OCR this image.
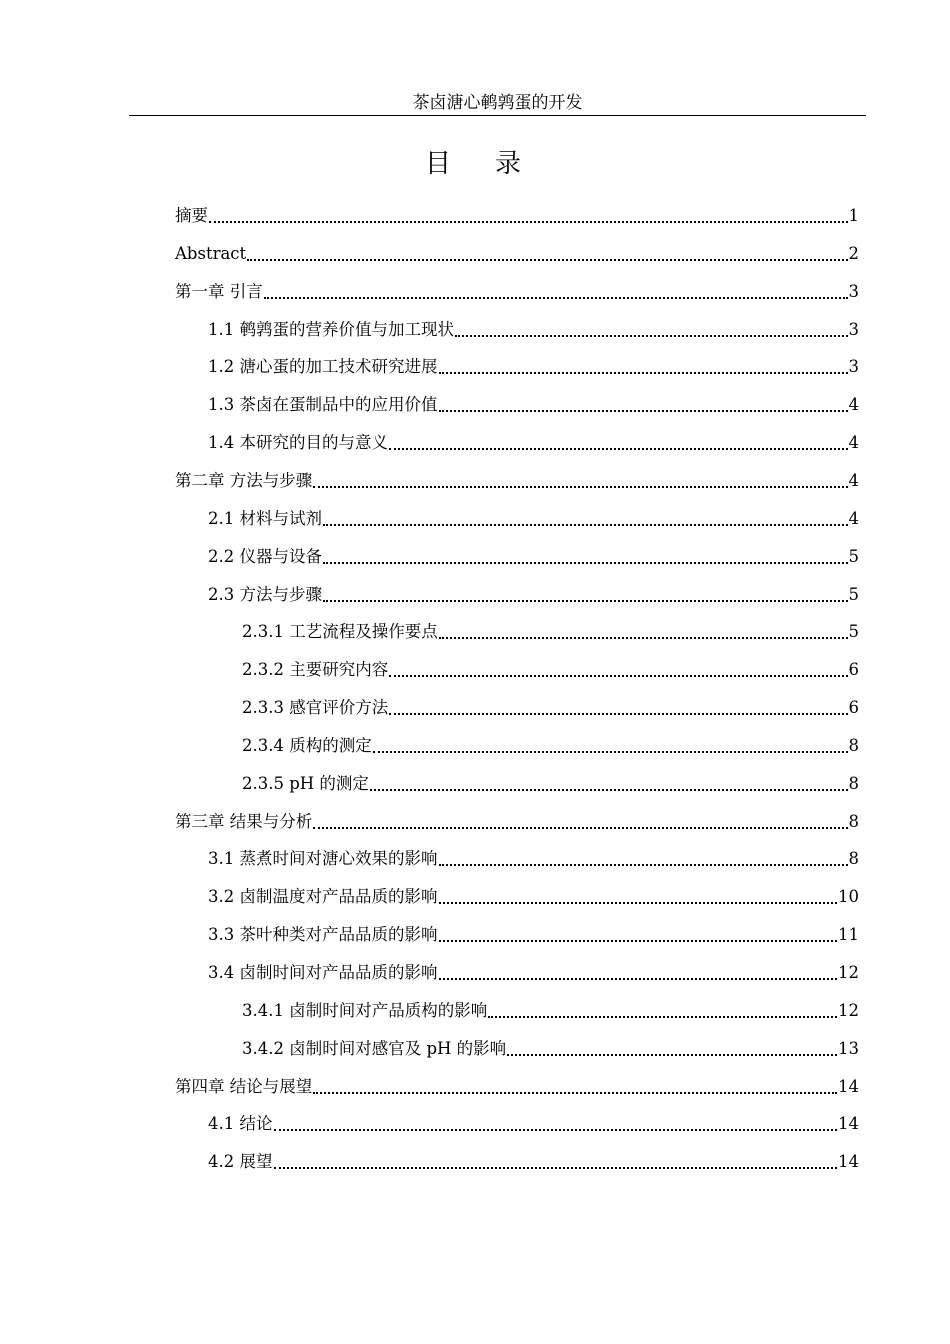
茶卤溏心鹌鹑蛋的开发
目录
摘要	1
Abstract	2
第一章 引言	3
1.1 鹌鹑蛋的营养价值与加工现状	3
1.2 溏心蛋的加工技术研究进展	3
1.3 茶卤在蛋制品中的应用价值	4
1.4 本研究的目的与意义	4
第二章 方法与步骤	4
2.1 材料与试剂	4
2.2 仪器与设备	5
2.3 方法与步骤	5
2.3.1 工艺流程及操作要点	5
2.3.2 主要研究内容	6
2.3.3 感官评价方法	6
2.3.4 质构的测定	8
2.3.5 pH 的测定	8
第三章 结果与分析	8
3.1 蒸煮时间对溏心效果的影响	8
3.2 卤制温度对产品品质的影响	10
3.3 茶叶种类对产品品质的影响	11
3.4 卤制时间对产品品质的影响	12
3.4.1 卤制时间对产品质构的影响	12
3.4.2 卤制时间对感官及 pH 的影响	13
第四章 结论与展望	14
4.1 结论	14
4.2 展望	14
